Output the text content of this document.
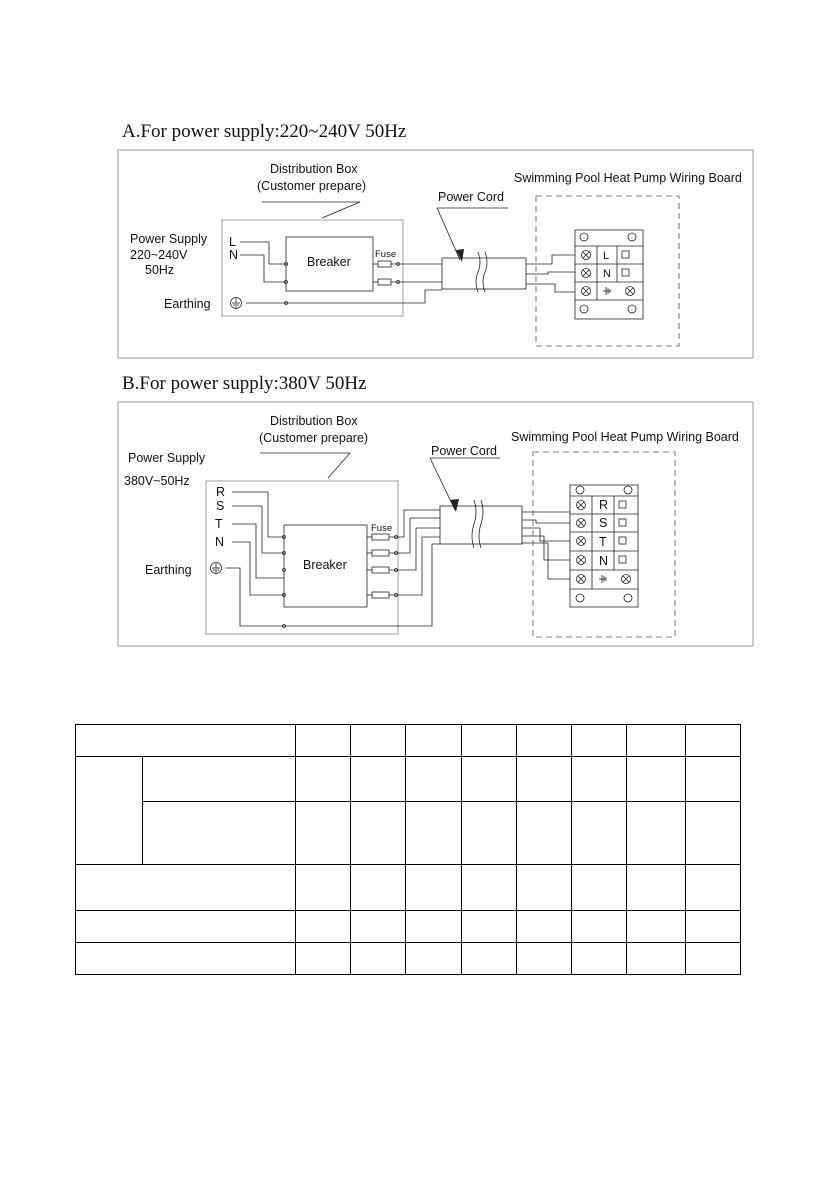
A.For power supply:220~240V 50Hz
B.For power supply:380V 50Hz
Distribution Box
(Customer prepare)
Power Cord
Swimming Pool Heat Pump Wiring Board
Power Supply
220~240V
50Hz
L
N	Breaker
Earthing
L
N
Fuse
Distribution Box
(Customer prepare)
Power Cord
Swimming Pool Heat Pump Wiring Board
Power Supply
380V~50Hz
R
S
T
N
Breaker
Earthing
R
S
T
N
Fuse
